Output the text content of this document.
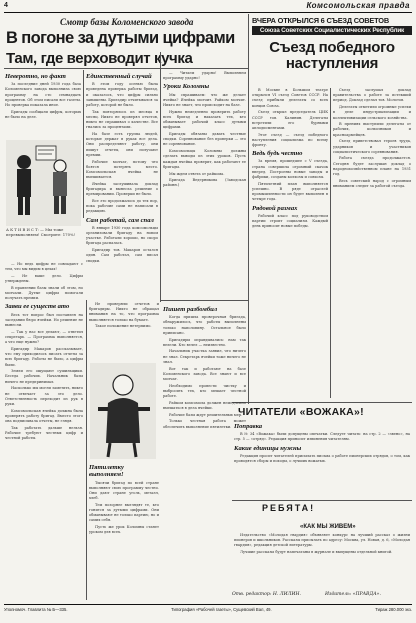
4	Комсомольская правда
Смотр базы Коломенского завода
В погоне за дутыми цифрами
Там, где верховодит кучка
ВЧЕРА ОТКРЫЛСЯ 6 СЪЕЗД СОВЕТОВ
Союза Советских Социалистических Республик
Съезд победного наступления
Неверотно, но факт

За последние дней 1930 года база Коломенского завода выполнила свою программу на сто семнадцать процентов. Об этом писали все газеты. Но проверка показала иное.

Бригады сообщали цифры, которых не было на деле.

Единственный случай

В этом году осенью была проведена проверка работы бригад, и оказалось, что цифры сильно завышены. Бригадир отчитывался за работу, которой не было.

Так повторялось из месяца в месяц. Никто не проверял отчетов, никто не спрашивал о качестве. Все гнались за процентами.

На базе есть группа людей, которые держат в руках все дела. Они распределяют работу, они пишут отчеты, они получают премии.

Рабочие молчат, потому что боятся потерять место. Комсомольская ячейка не вмешивается.

Ячейка заслушивала доклад бригадира и вынесла решение о премировании. Проверки не было.

Все это продолжалось до тех пор, пока рабочие сами не написали в редакцию.

Сам работай, сам спал

В январе 1930 года комсомольцы организовали бригаду на новом участке. Работали хорошо, но скоро бригада распалась.

Бригадир тов. Макаров остался один. Сам работал, сам писал сводки.

— Читаем ударно! Выполняем программу ударно!

Уроки Коломны

Мы спрашиваем: что же делает ячейка? Ячейка молчит. Райком молчит. Никто не знает, что происходит на базе.

Нужно немедленно проверить работу всех бригад и наказать тех, кто обманывает рабочий класс дутыми цифрами.

Бригады обязаны давать честные сводки. Соревнование без проверки — это не соревнование.

Комсомольцы Коломны должны сделать выводы из этих уроков. Пусть каждая ячейка проверит, как работают ее бригады.

Мы ждем ответа от райкома.

Бригада Ведерникова (Заводская районн.)

А К Т И В И С Т: — Мы тоже перевыполняем! Смотрите: 170%!

— Но ведь цифры не совпадают с тем, что мы видим в цехах!

— Не ваше дело. Цифры утверждены.

В правлении базы знали об этом, но молчали. Дутые цифры помогали получать премии.

Заяви ее существ ато

Весь тот вопрос был поставлен на заседании бюро ячейки. Но решение не вынесли.

— Так у нас все делают, — ответил секретарь. — Программа выполняется, а что еще нужно?

Бригадир Макаров рассказывает, что ему приходилось писать отчеты за всю бригаду. Работы не было, а цифры были.

Земли его ощущают сушильщики. Беседа рабочих. Начальник базы ничего не предпринимал.

Насколько мы могли заметить, никто не отвечает за это дело. Ответственность переходит из рук в руки.

Комсомольская ячейка должна была проверять работу бригад. Вместо этого она подписывала отчеты, не глядя.

Так работать дальше нельзя. Рабочие требуют честных цифр и честной работы.

Не проверяли отчетов и бригадиры. Никто не обращал внимания на то, что программа выполняется только на бумаге.

Такое положение нетерпимо.

Пятилетку выполняем!

Тысячи бригад по всей стране выполняют свою программу честно. Они дают стране уголь, металл, хлеб.

Тем позорнее выглядят те, кто гонится за дутыми цифрами. Они обманывают не только партию, но и самих себя.

Пусть же урок Коломны станет уроком для всех.

Пишет разбомбил

Когда пришла проверочная бригада, обнаружилось, что работы выполнены только наполовину. Остальное было приписано.

Бригадиры оправдывались: нам так велели. Кто велел — неизвестно.

Начальник участка заявил, что ничего не знал. Секретарь ячейки тоже ничего не знал.

Вот так и работают на базе Коломенского завода. Все знают и все молчат.

Необходимо провести чистку и выбросить тех, кто мешает честной работе.

Райком комсомола должен немедленно вмешаться в дела ячейки.

Рабочие базы ждут решительных мер.

Только честная работа может обеспечить выполнение пятилетки.

В Москве в Большом театре открылся VI съезд Советов СССР. На съезд прибыли делегаты со всех концов Союза.

Съезд открыл председатель ЦИК СССР тов. Калинин. Делегаты встретили его бурными аплодисментами.

Этот съезд — съезд победного наступления социализма по всему фронту.

Ведь будь честно

За время, прошедшее с V съезда, страна совершила огромный скачок вперед. Построены новые заводы и фабрики, созданы колхозы и совхозы.

Пятилетний план выполняется успешно. В ряде отраслей промышленности он будет выполнен в четыре года.

Рядовой размах

Рабочий класс под руководством партии строит социализм. Каждый день приносит новые победы.

Съезд заслушал доклад правительства о работе за истекший период. Доклад сделал тов. Молотов.

Делегаты отметили огромные успехи в деле индустриализации и коллективизации сельского хозяйства.

В прениях выступили делегаты от рабочих, колхозников и красноармейцев.

Съезд приветствовал героев труда, ударников и участников социалистического соревнования.

Работа съезда продолжается. Сегодня будет заслушан доклад о народнохозяйственном плане на 1931 год.

Весь советский народ с огромным вниманием следит за работой съезда.

ЧИТАТЕЛИ «ВОЖАКА»!
Поправка

В № 34 «Вожака» были допущены опечатки. Следует читать: на стр. 2 — «звено», на стр. 5 — «отряд». Редакция приносит извинения читателям.

Какие единицы нужны

Редакция просит читателей присылать письма о работе пионерских отрядов, о том, как проводятся сборы и походы, о лучших вожатых.

РЕБЯТА!
«КАК МЫ ЖИВЕМ»

Издательство «Молодая гвардия» объявляет конкурс на лучший рассказ о жизни пионеров и школьников. Рассказы присылать по адресу: Москва, ул. Новая, д. 6, «Молодая гвардия», редакция детской литературы.

Лучшие рассказы будут напечатаны в журнале и выпущены отдельной книгой.

Отв. редактор: Н. ЛИЛИН.	Издатель: «ПРАВДА».
Уполномоч. Главлита № Б—335.	Типография «Рабочей газеты», Сущевский Вал, 49.	Тираж 280.000 экз.
